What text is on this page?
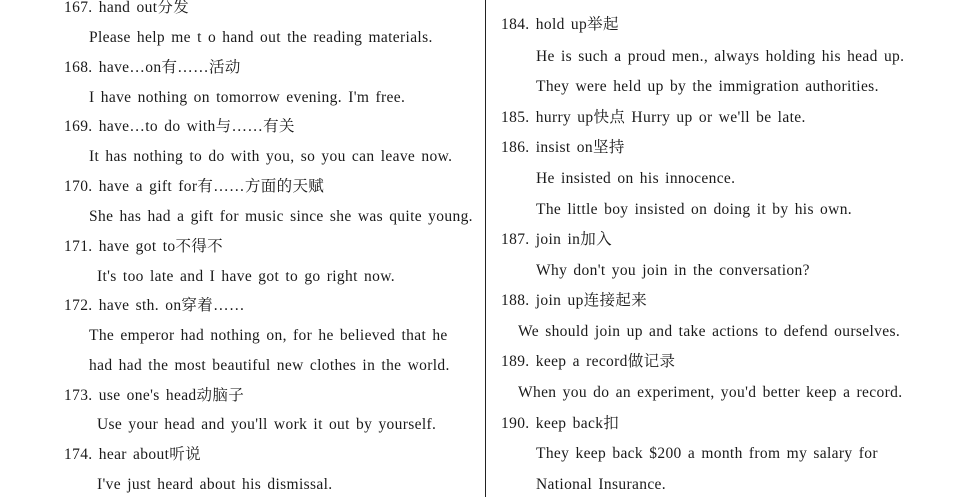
167. hand out分发
Please help me t o hand out the reading materials.
168. have…on有……活动
I have nothing on tomorrow evening. I'm free.
169. have…to do with与……有关
It has nothing to do with you, so you can leave now.
170. have a gift for有……方面的天赋
She has had a gift for music since she was quite young.
171. have got to不得不
It's too late and I have got to go right now.
172. have sth. on穿着……
The emperor had nothing on, for he believed that he
had had the most beautiful new clothes in the world.
173. use one's head动脑子
Use your head and you'll work it out by yourself.
174. hear about听说
I've just heard about his dismissal.
184. hold up举起
He is such a proud men., always holding his head up.
They were held up by the immigration authorities.
185. hurry up快点 Hurry up or we'll be late.
186. insist on坚持
He insisted on his innocence.
The little boy insisted on doing it by his own.
187. join in加入
Why don't you join in the conversation?
188. join up连接起来
We should join up and take actions to defend ourselves.
189. keep a record做记录
When you do an experiment, you'd better keep a record.
190. keep back扣
They keep back $200 a month from my salary for
National Insurance.
